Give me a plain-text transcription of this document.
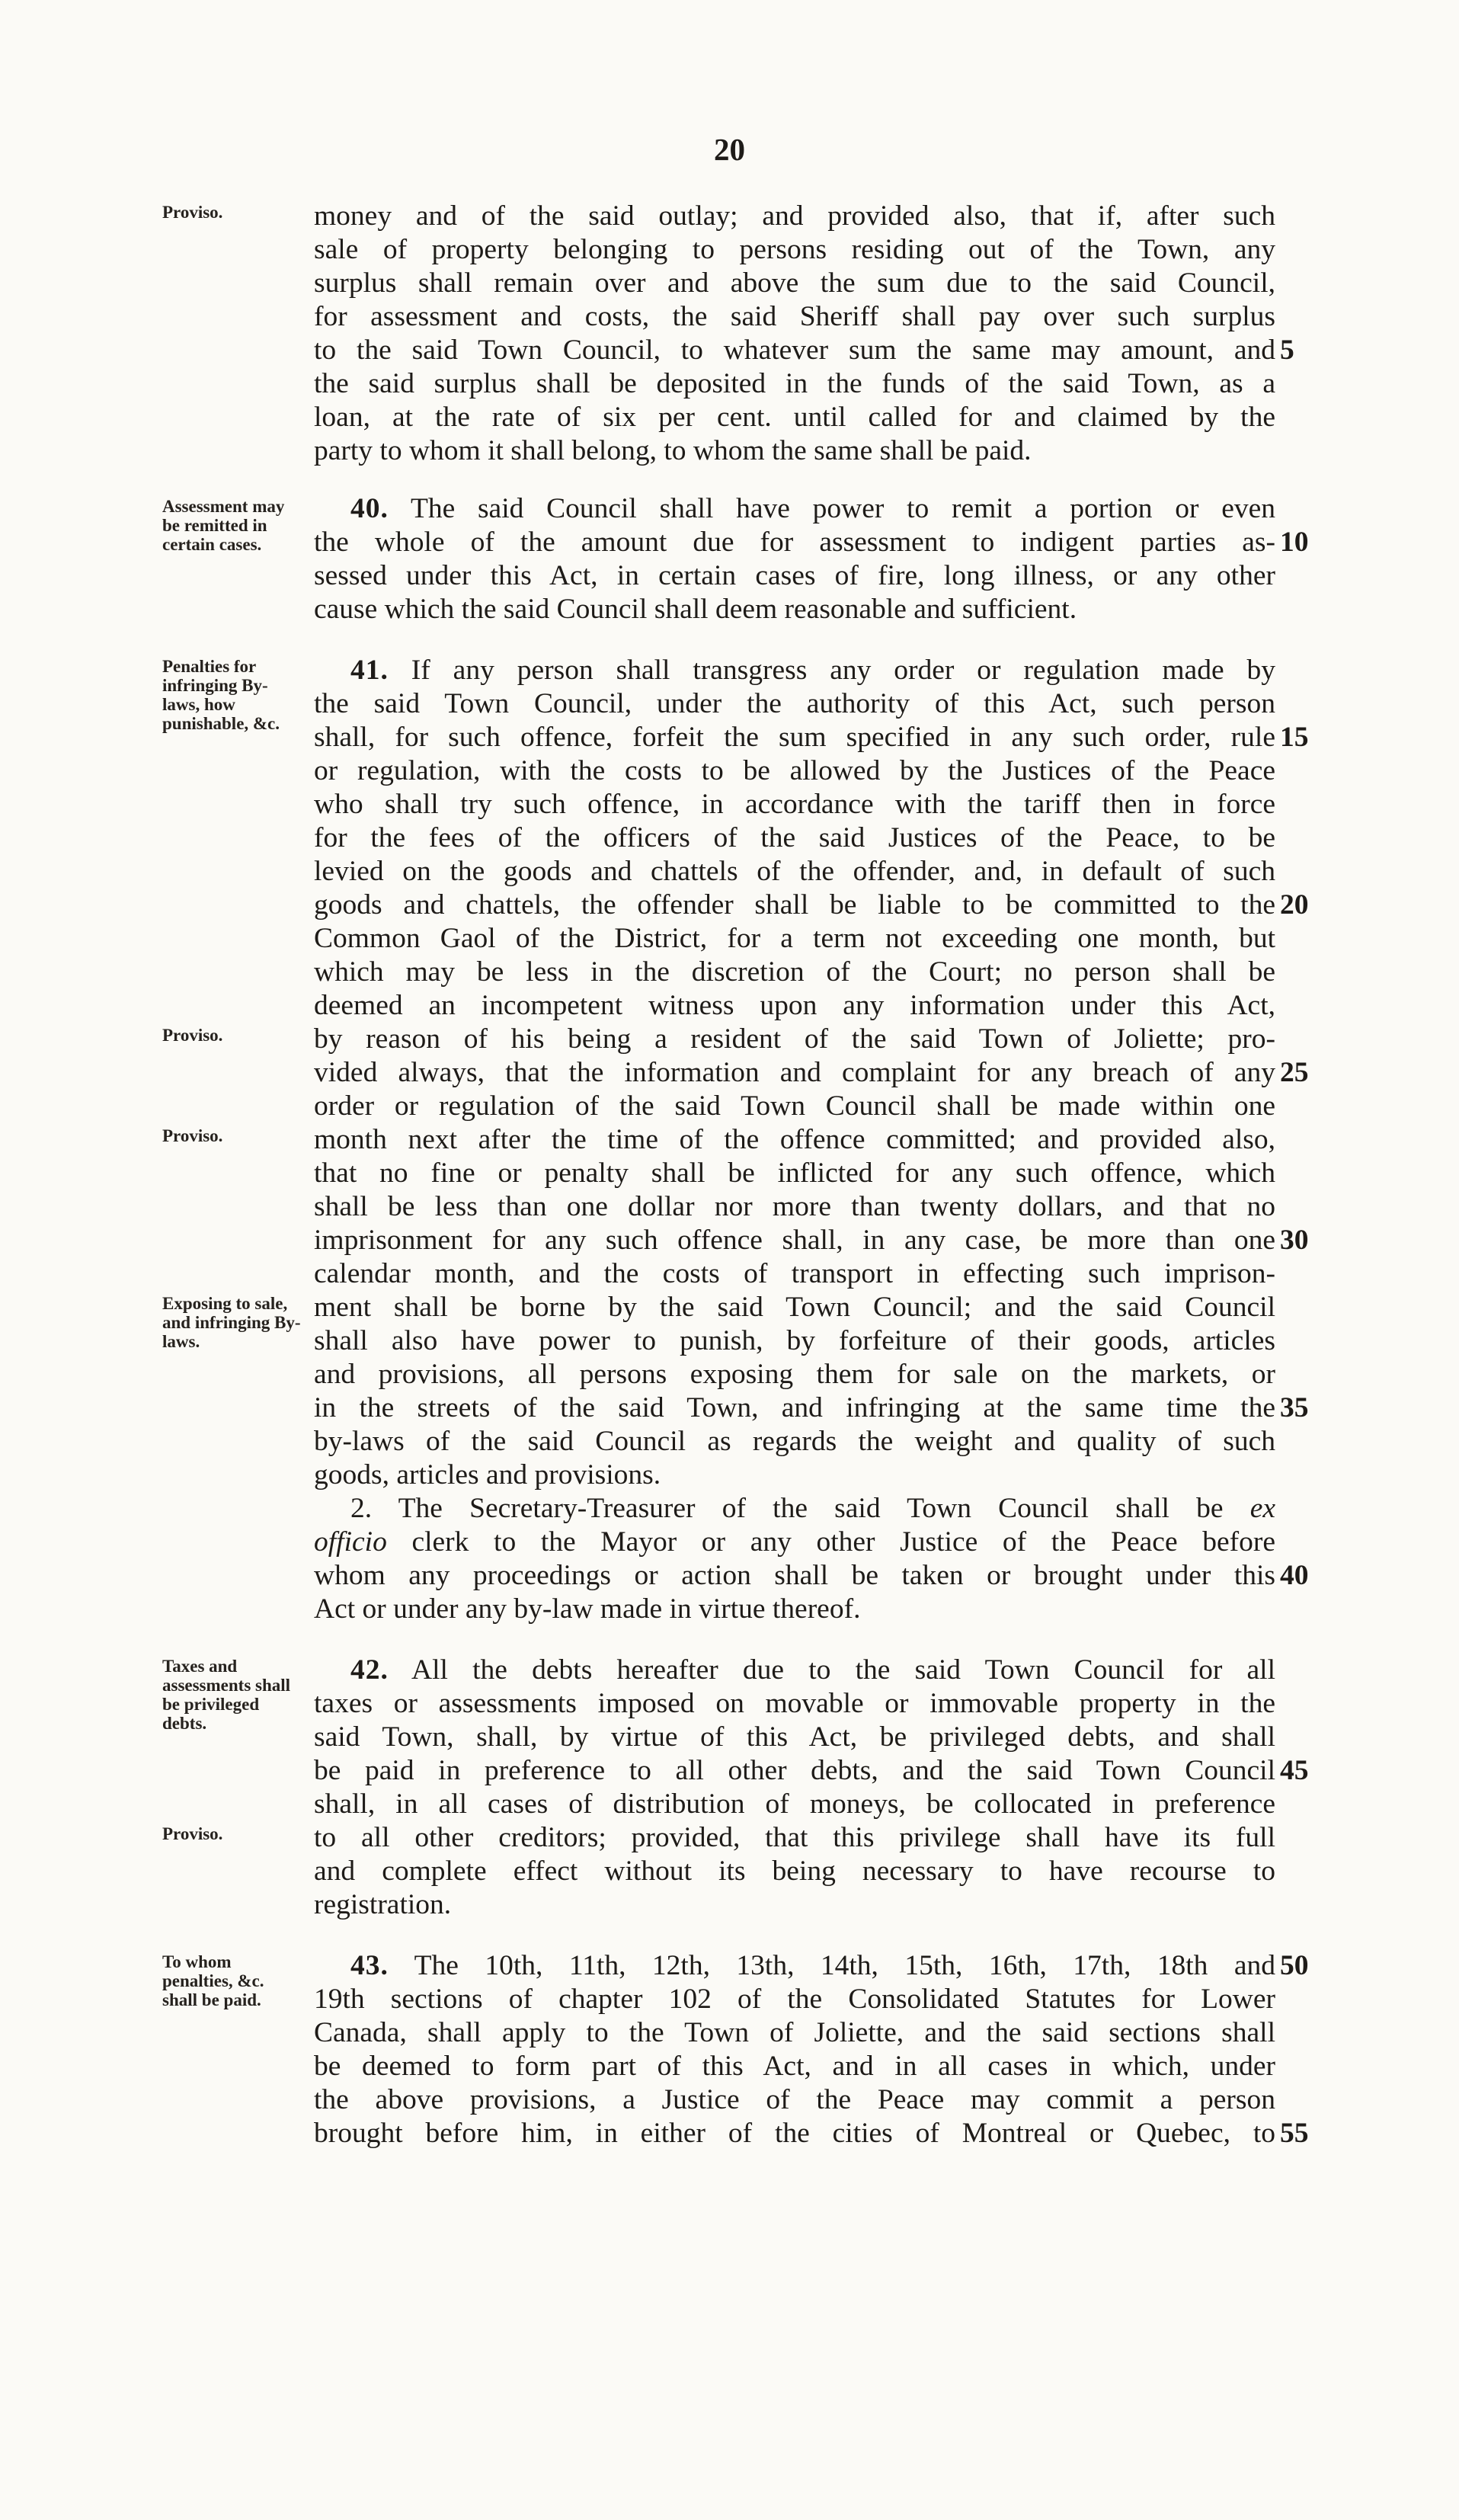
20
Proviso.
Assessment may be remitted in certain cases.
Penalties for infringing By-laws, how punishable, &c.
Proviso.
Proviso.
Exposing to sale, and infringing By-laws.
Taxes and assessments shall be privileged debts.
Proviso.
To whom penalties, &c. shall be paid.
money and of the said outlay; and provided also, that if, after such
sale of property belonging to persons residing out of the Town, any
surplus shall remain over and above the sum due to the said Council,
for assessment and costs, the said Sheriff shall pay over such surplus
to the said Town Council, to whatever sum the same may amount, and
the said surplus shall be deposited in the funds of the said Town, as a
loan, at the rate of six per cent. until called for and claimed by the
party to whom it shall belong, to whom the same shall be paid.
40. The said Council shall have power to remit a portion or even
the whole of the amount due for assessment to indigent parties as-
sessed under this Act, in certain cases of fire, long illness, or any other
cause which the said Council shall deem reasonable and sufficient.
41. If any person shall transgress any order or regulation made by
the said Town Council, under the authority of this Act, such person
shall, for such offence, forfeit the sum specified in any such order, rule
or regulation, with the costs to be allowed by the Justices of the Peace
who shall try such offence, in accordance with the tariff then in force
for the fees of the officers of the said Justices of the Peace, to be
levied on the goods and chattels of the offender, and, in default of such
goods and chattels, the offender shall be liable to be committed to the
Common Gaol of the District, for a term not exceeding one month, but
which may be less in the discretion of the Court; no person shall be
deemed an incompetent witness upon any information under this Act,
by reason of his being a resident of the said Town of Joliette; pro-
vided always, that the information and complaint for any breach of any
order or regulation of the said Town Council shall be made within one
month next after the time of the offence committed; and provided also,
that no fine or penalty shall be inflicted for any such offence, which
shall be less than one dollar nor more than twenty dollars, and that no
imprisonment for any such offence shall, in any case, be more than one
calendar month, and the costs of transport in effecting such imprison-
ment shall be borne by the said Town Council; and the said Council
shall also have power to punish, by forfeiture of their goods, articles
and provisions, all persons exposing them for sale on the markets, or
in the streets of the said Town, and infringing at the same time the
by-laws of the said Council as regards the weight and quality of such
goods, articles and provisions.
2. The Secretary-Treasurer of the said Town Council shall be ex
officio clerk to the Mayor or any other Justice of the Peace before
whom any proceedings or action shall be taken or brought under this
Act or under any by-law made in virtue thereof.
42. All the debts hereafter due to the said Town Council for all
taxes or assessments imposed on movable or immovable property in the
said Town, shall, by virtue of this Act, be privileged debts, and shall
be paid in preference to all other debts, and the said Town Council
shall, in all cases of distribution of moneys, be collocated in preference
to all other creditors; provided, that this privilege shall have its full
and complete effect without its being necessary to have recourse to
registration.
43. The 10th, 11th, 12th, 13th, 14th, 15th, 16th, 17th, 18th and
19th sections of chapter 102 of the Consolidated Statutes for Lower
Canada, shall apply to the Town of Joliette, and the said sections shall
be deemed to form part of this Act, and in all cases in which, under
the above provisions, a Justice of the Peace may commit a person
brought before him, in either of the cities of Montreal or Quebec, to
5
10
15
20
25
30
35
40
45
50
55
